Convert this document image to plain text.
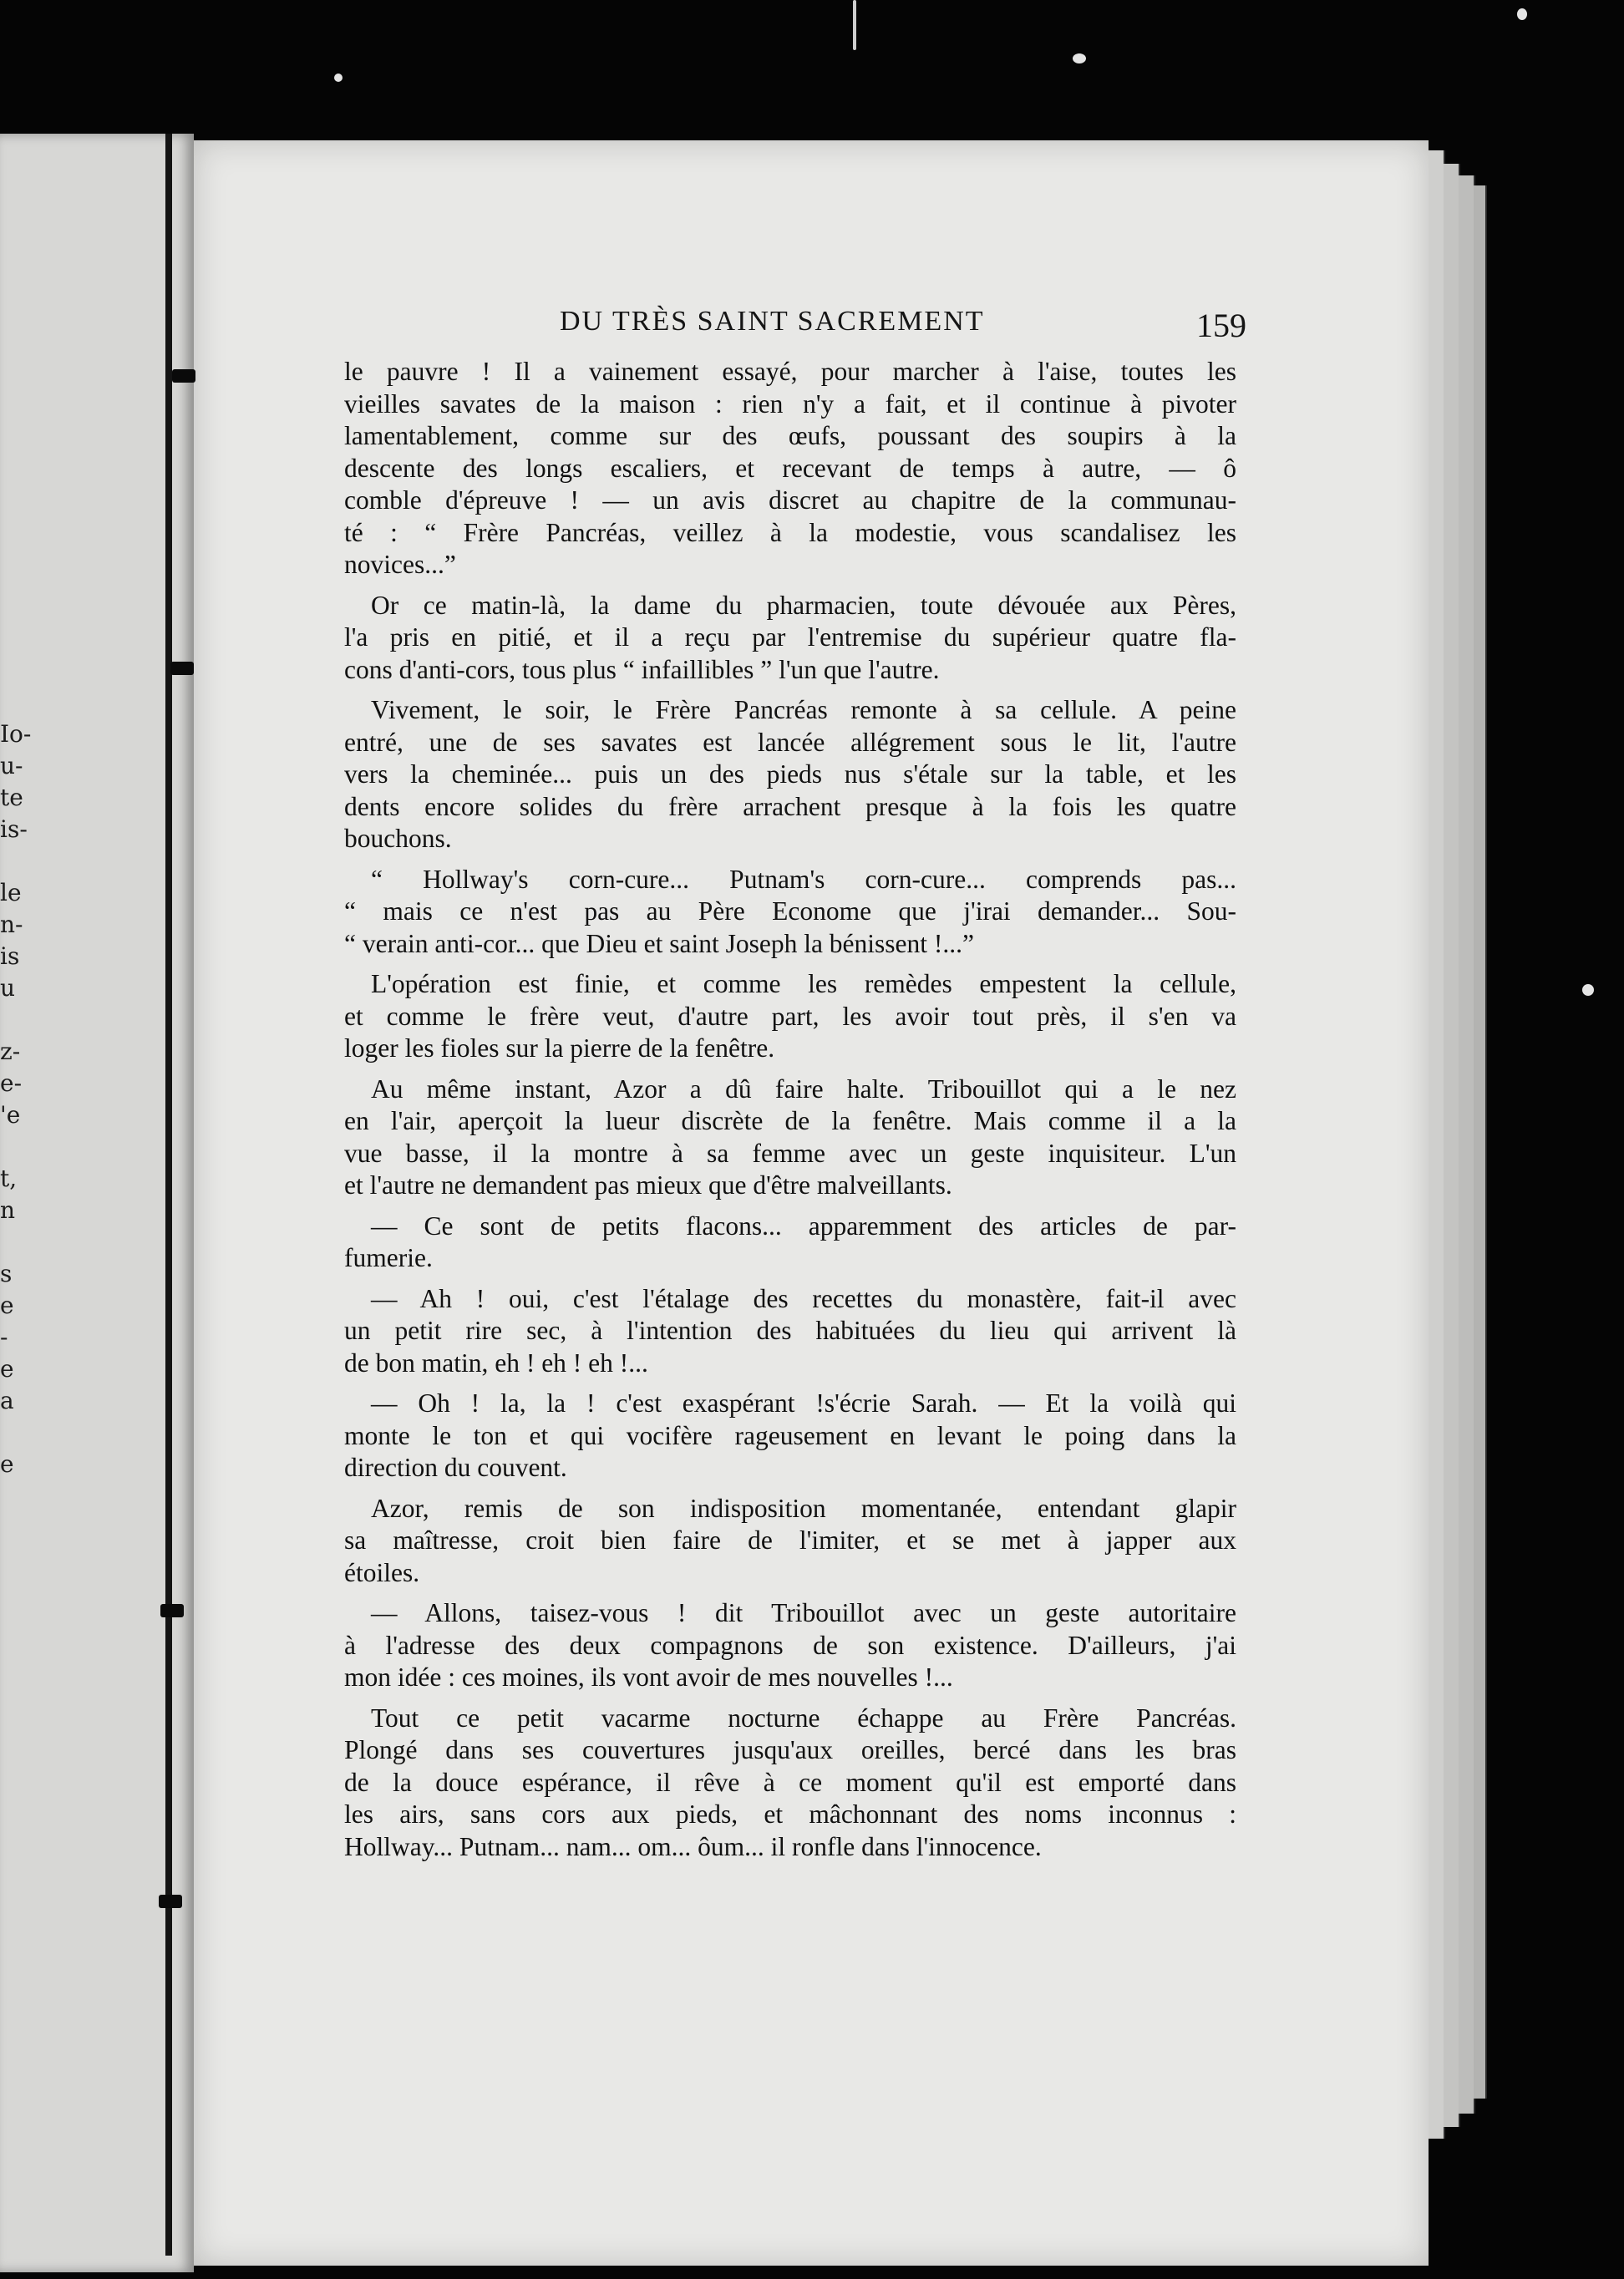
Io-
u-
te
is-
le
n-
is
u
z-
e-
'e
t,
n
s
e
-
e
a
e
DU TRÈS SAINT SACREMENT	159
le pauvre ! Il a vainement essayé, pour marcher à l'aise, toutes les
vieilles savates de la maison : rien n'y a fait, et il continue à pivoter
lamentablement, comme sur des œufs, poussant des soupirs à la
descente des longs escaliers, et recevant de temps à autre, — ô
comble d'épreuve ! — un avis discret au chapitre de la communau-
té : “ Frère Pancréas, veillez à la modestie, vous scandalisez les
novices...”
Or ce matin-là, la dame du pharmacien, toute dévouée aux Pères,
l'a pris en pitié, et il a reçu par l'entremise du supérieur quatre fla-
cons d'anti-cors, tous plus “ infaillibles ” l'un que l'autre.
Vivement, le soir, le Frère Pancréas remonte à sa cellule. A peine
entré, une de ses savates est lancée allégrement sous le lit, l'autre
vers la cheminée... puis un des pieds nus s'étale sur la table, et les
dents encore solides du frère arrachent presque à la fois les quatre
bouchons.
“ Hollway's corn-cure... Putnam's corn-cure... comprends pas...
“ mais ce n'est pas au Père Econome que j'irai demander... Sou-
“ verain anti-cor... que Dieu et saint Joseph la bénissent !...”
L'opération est finie, et comme les remèdes empestent la cellule,
et comme le frère veut, d'autre part, les avoir tout près, il s'en va
loger les fioles sur la pierre de la fenêtre.
Au même instant, Azor a dû faire halte. Tribouillot qui a le nez
en l'air, aperçoit la lueur discrète de la fenêtre. Mais comme il a la
vue basse, il la montre à sa femme avec un geste inquisiteur. L'un
et l'autre ne demandent pas mieux que d'être malveillants.
— Ce sont de petits flacons... apparemment des articles de par-
fumerie.
— Ah ! oui, c'est l'étalage des recettes du monastère, fait-il avec
un petit rire sec, à l'intention des habituées du lieu qui arrivent là
de bon matin, eh ! eh ! eh !...
— Oh ! la, la ! c'est exaspérant !s'écrie Sarah. — Et la voilà qui
monte le ton et qui vocifère rageusement en levant le poing dans la
direction du couvent.
Azor, remis de son indisposition momentanée, entendant glapir
sa maîtresse, croit bien faire de l'imiter, et se met à japper aux
étoiles.
— Allons, taisez-vous ! dit Tribouillot avec un geste autoritaire
à l'adresse des deux compagnons de son existence. D'ailleurs, j'ai
mon idée : ces moines, ils vont avoir de mes nouvelles !...
Tout ce petit vacarme nocturne échappe au Frère Pancréas.
Plongé dans ses couvertures jusqu'aux oreilles, bercé dans les bras
de la douce espérance, il rêve à ce moment qu'il est emporté dans
les airs, sans cors aux pieds, et mâchonnant des noms inconnus :
Hollway... Putnam... nam... om... ôum... il ronfle dans l'innocence.
